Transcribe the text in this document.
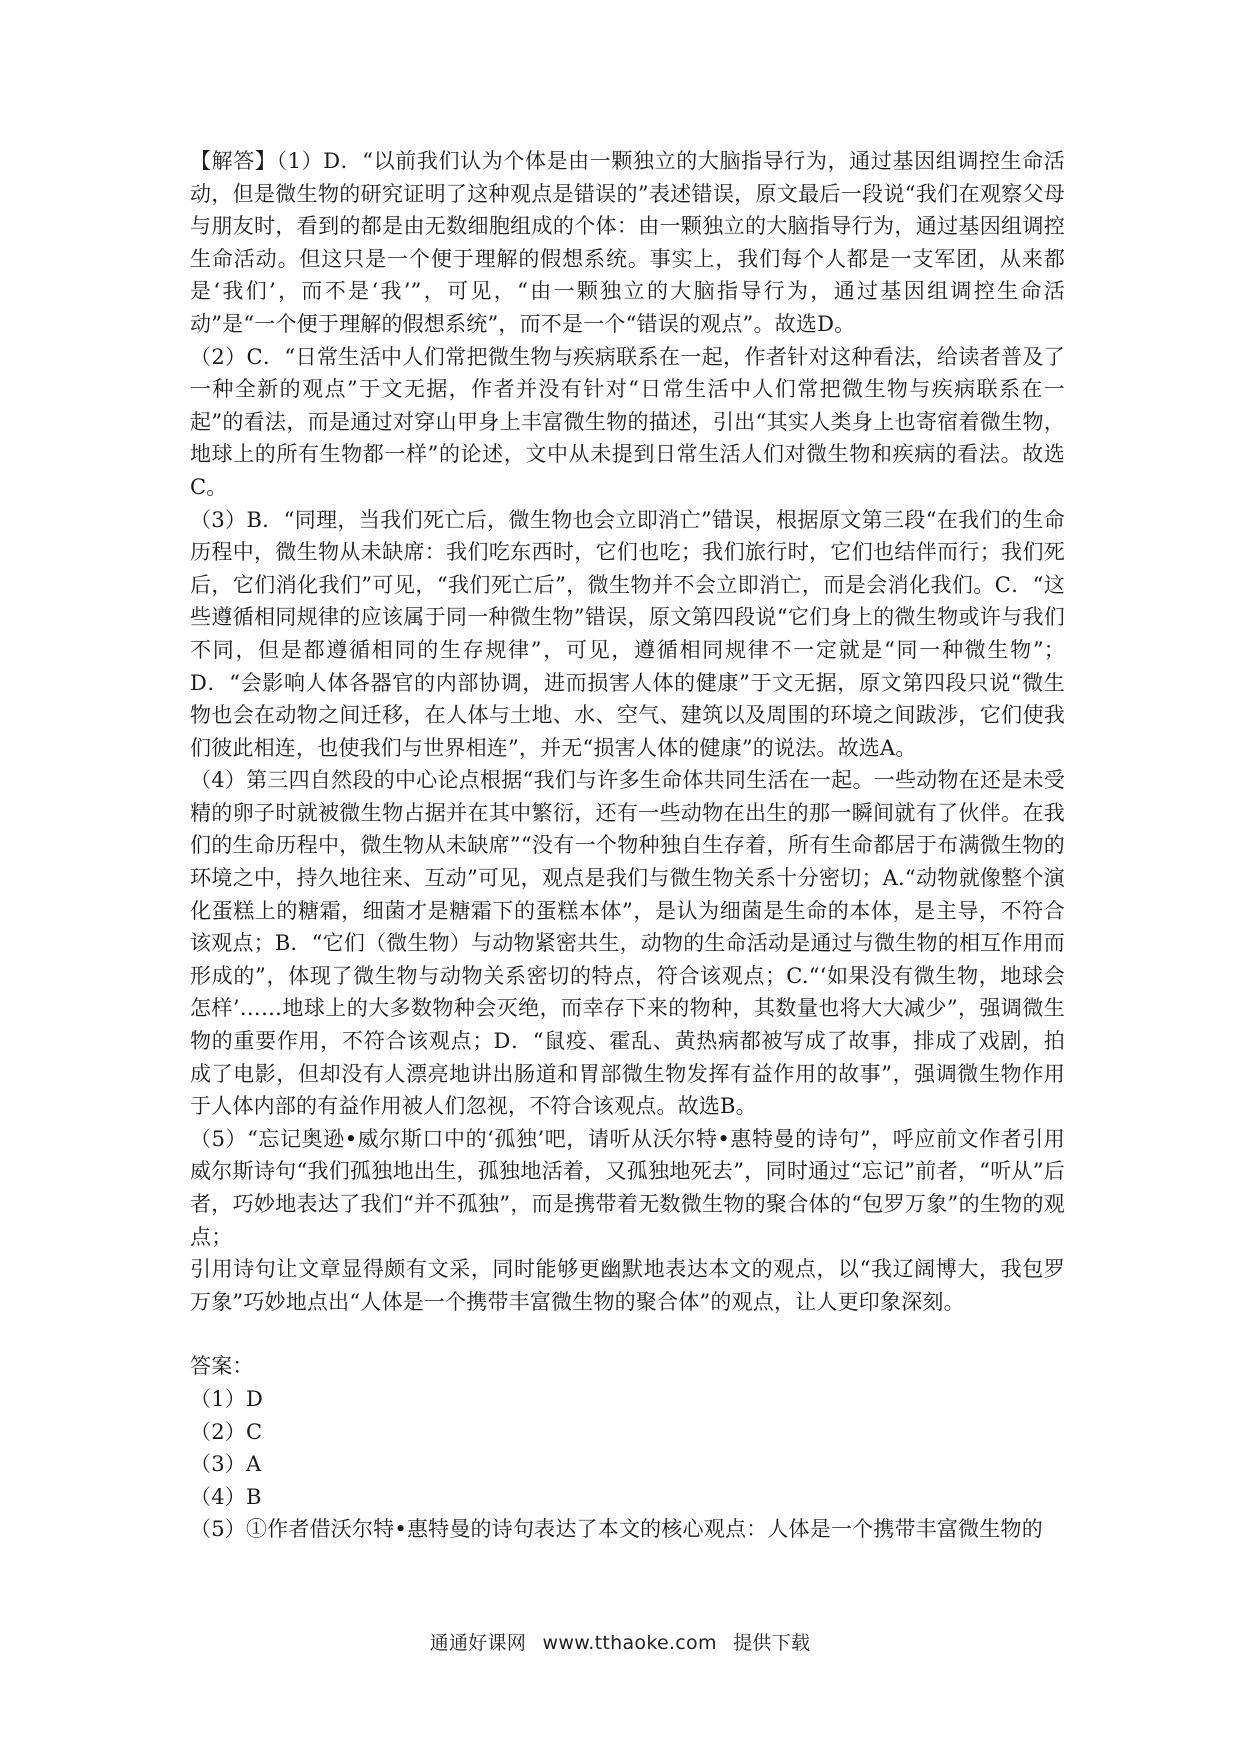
【解答】（1）D．“以前我们认为个体是由一颗独立的大脑指导行为，通过基因组调控生命活动，但是微生物的研究证明了这种观点是错误的”表述错误，原文最后一段说“我们在观察父母与朋友时，看到的都是由无数细胞组成的个体：由一颗独立的大脑指导行为，通过基因组调控生命活动。但这只是一个便于理解的假想系统。事实上，我们每个人都是一支军团，从来都是‘我们’，而不是‘我’”，可见，“由一颗独立的大脑指导行为，通过基因组调控生命活动”是“一个便于理解的假想系统”，而不是一个“错误的观点”。故选D。

（2）C．“日常生活中人们常把微生物与疾病联系在一起，作者针对这种看法，给读者普及了一种全新的观点”于文无据，作者并没有针对“日常生活中人们常把微生物与疾病联系在一起”的看法，而是通过对穿山甲身上丰富微生物的描述，引出“其实人类身上也寄宿着微生物，地球上的所有生物都一样”的论述，文中从未提到日常生活人们对微生物和疾病的看法。故选C。

（3）B．“同理，当我们死亡后，微生物也会立即消亡”错误，根据原文第三段“在我们的生命历程中，微生物从未缺席：我们吃东西时，它们也吃；我们旅行时，它们也结伴而行；我们死后，它们消化我们”可见，“我们死亡后”，微生物并不会立即消亡，而是会消化我们。C．“这些遵循相同规律的应该属于同一种微生物”错误，原文第四段说“它们身上的微生物或许与我们不同，但是都遵循相同的生存规律”，可见，遵循相同规律不一定就是“同一种微生物”；D．“会影响人体各器官的内部协调，进而损害人体的健康”于文无据，原文第四段只说“微生物也会在动物之间迁移，在人体与土地、水、空气、建筑以及周围的环境之间跋涉，它们使我们彼此相连，也使我们与世界相连”，并无“损害人体的健康”的说法。故选A。

（4）第三四自然段的中心论点根据“我们与许多生命体共同生活在一起。一些动物在还是未受精的卵子时就被微生物占据并在其中繁衍，还有一些动物在出生的那一瞬间就有了伙伴。在我们的生命历程中，微生物从未缺席”“没有一个物种独自生存着，所有生命都居于布满微生物的环境之中，持久地往来、互动”可见，观点是我们与微生物关系十分密切；A.“动物就像整个演化蛋糕上的糖霜，细菌才是糖霜下的蛋糕本体”，是认为细菌是生命的本体，是主导，不符合该观点；B．“它们（微生物）与动物紧密共生，动物的生命活动是通过与微生物的相互作用而形成的”，体现了微生物与动物关系密切的特点，符合该观点；C.“‘如果没有微生物，地球会怎样’……地球上的大多数物种会灭绝，而幸存下来的物种，其数量也将大大减少”，强调微生物的重要作用，不符合该观点；D．“鼠疫、霍乱、黄热病都被写成了故事，排成了戏剧，拍成了电影，但却没有人漂亮地讲出肠道和胃部微生物发挥有益作用的故事”，强调微生物作用于人体内部的有益作用被人们忽视，不符合该观点。故选B。

（5）“忘记奥逊•威尔斯口中的‘孤独’吧，请听从沃尔特•惠特曼的诗句”，呼应前文作者引用威尔斯诗句“我们孤独地出生，孤独地活着，又孤独地死去”，同时通过“忘记”前者，“听从”后者，巧妙地表达了我们“并不孤独”，而是携带着无数微生物的聚合体的“包罗万象”的生物的观点；

引用诗句让文章显得颇有文采，同时能够更幽默地表达本文的观点，以“我辽阔博大，我包罗万象”巧妙地点出“人体是一个携带丰富微生物的聚合体”的观点，让人更印象深刻。

答案：

（1）D

（2）C

（3）A

（4）B

（5）①作者借沃尔特•惠特曼的诗句表达了本文的核心观点：人体是一个携带丰富微生物的

通通好课网 www.tthaoke.com 提供下载
